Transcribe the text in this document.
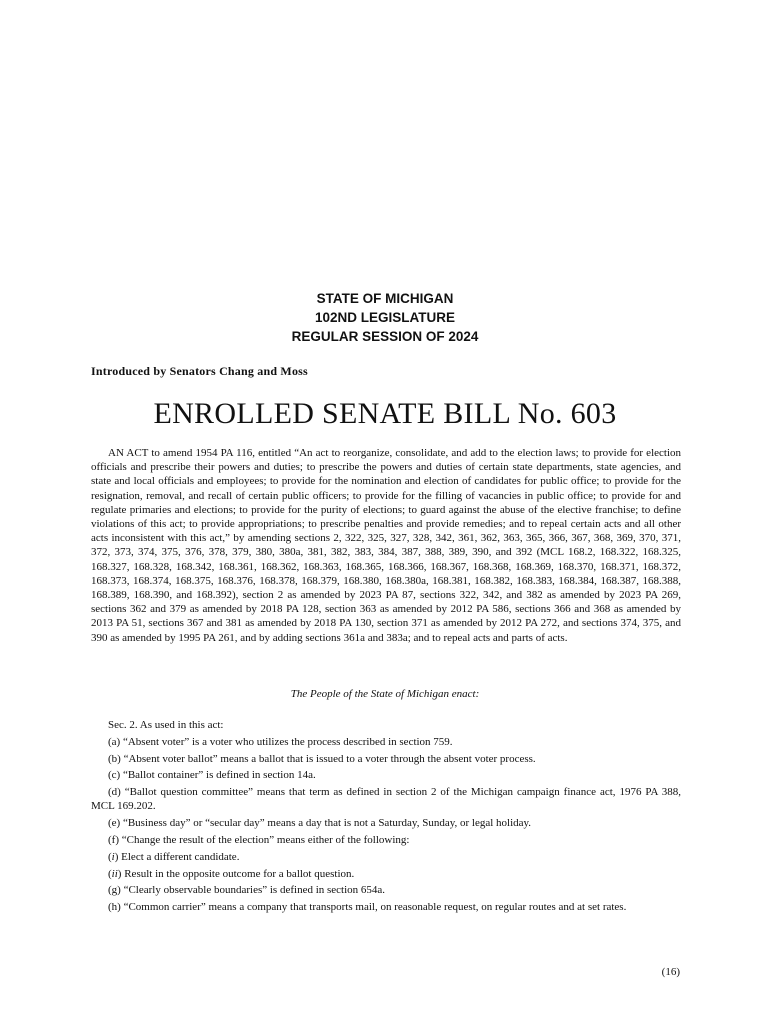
STATE OF MICHIGAN
102ND LEGISLATURE
REGULAR SESSION OF 2024
Introduced by Senators Chang and Moss
ENROLLED SENATE BILL No. 603
AN ACT to amend 1954 PA 116, entitled “An act to reorganize, consolidate, and add to the election laws; to provide for election officials and prescribe their powers and duties; to prescribe the powers and duties of certain state departments, state agencies, and state and local officials and employees; to provide for the nomination and election of candidates for public office; to provide for the resignation, removal, and recall of certain public officers; to provide for the filling of vacancies in public office; to provide for and regulate primaries and elections; to provide for the purity of elections; to guard against the abuse of the elective franchise; to define violations of this act; to provide appropriations; to prescribe penalties and provide remedies; and to repeal certain acts and all other acts inconsistent with this act,” by amending sections 2, 322, 325, 327, 328, 342, 361, 362, 363, 365, 366, 367, 368, 369, 370, 371, 372, 373, 374, 375, 376, 378, 379, 380, 380a, 381, 382, 383, 384, 387, 388, 389, 390, and 392 (MCL 168.2, 168.322, 168.325, 168.327, 168.328, 168.342, 168.361, 168.362, 168.363, 168.365, 168.366, 168.367, 168.368, 168.369, 168.370, 168.371, 168.372, 168.373, 168.374, 168.375, 168.376, 168.378, 168.379, 168.380, 168.380a, 168.381, 168.382, 168.383, 168.384, 168.387, 168.388, 168.389, 168.390, and 168.392), section 2 as amended by 2023 PA 87, sections 322, 342, and 382 as amended by 2023 PA 269, sections 362 and 379 as amended by 2018 PA 128, section 363 as amended by 2012 PA 586, sections 366 and 368 as amended by 2013 PA 51, sections 367 and 381 as amended by 2018 PA 130, section 371 as amended by 2012 PA 272, and sections 374, 375, and 390 as amended by 1995 PA 261, and by adding sections 361a and 383a; and to repeal acts and parts of acts.
The People of the State of Michigan enact:

Sec. 2. As used in this act:

(a) “Absent voter” is a voter who utilizes the process described in section 759.

(b) “Absent voter ballot” means a ballot that is issued to a voter through the absent voter process.

(c) “Ballot container” is defined in section 14a.

(d) “Ballot question committee” means that term as defined in section 2 of the Michigan campaign finance act, 1976 PA 388, MCL 169.202.

(e) “Business day” or “secular day” means a day that is not a Saturday, Sunday, or legal holiday.

(f) “Change the result of the election” means either of the following:

(i) Elect a different candidate.

(ii) Result in the opposite outcome for a ballot question.

(g) “Clearly observable boundaries” is defined in section 654a.

(h) “Common carrier” means a company that transports mail, on reasonable request, on regular routes and at set rates.

(16)
